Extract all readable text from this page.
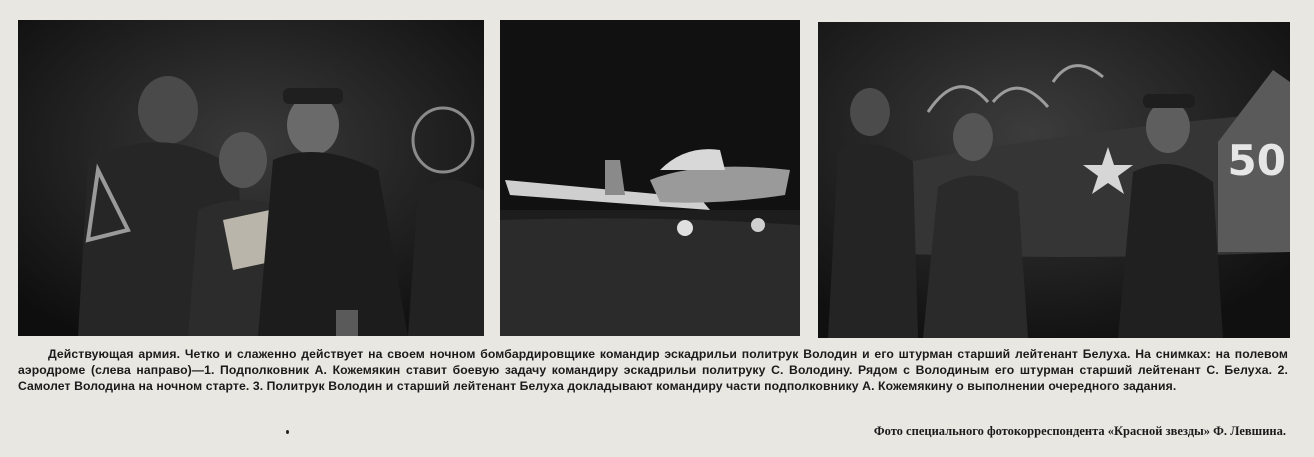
50

Действующая армия. Четко и слаженно действует на своем ночном бомбардировщике командир эскадрильи политрук Володин и его штурман старший лейтенант Белуха. На снимках: на полевом аэродроме (слева направо)—1. Подполковник А. Кожемякин ставит боевую задачу командиру эскадрильи политруку С. Володину. Рядом с Володиным его штурман старший лейтенант С. Белуха. 2. Самолет Володина на ночном старте. 3. Политрук Володин и старший лейтенант Белуха докладывают командиру части подполковнику А. Кожемякину о выполнении очередного задания.

Фото специального фотокорреспондента «Красной звезды» Ф. Левшина.
